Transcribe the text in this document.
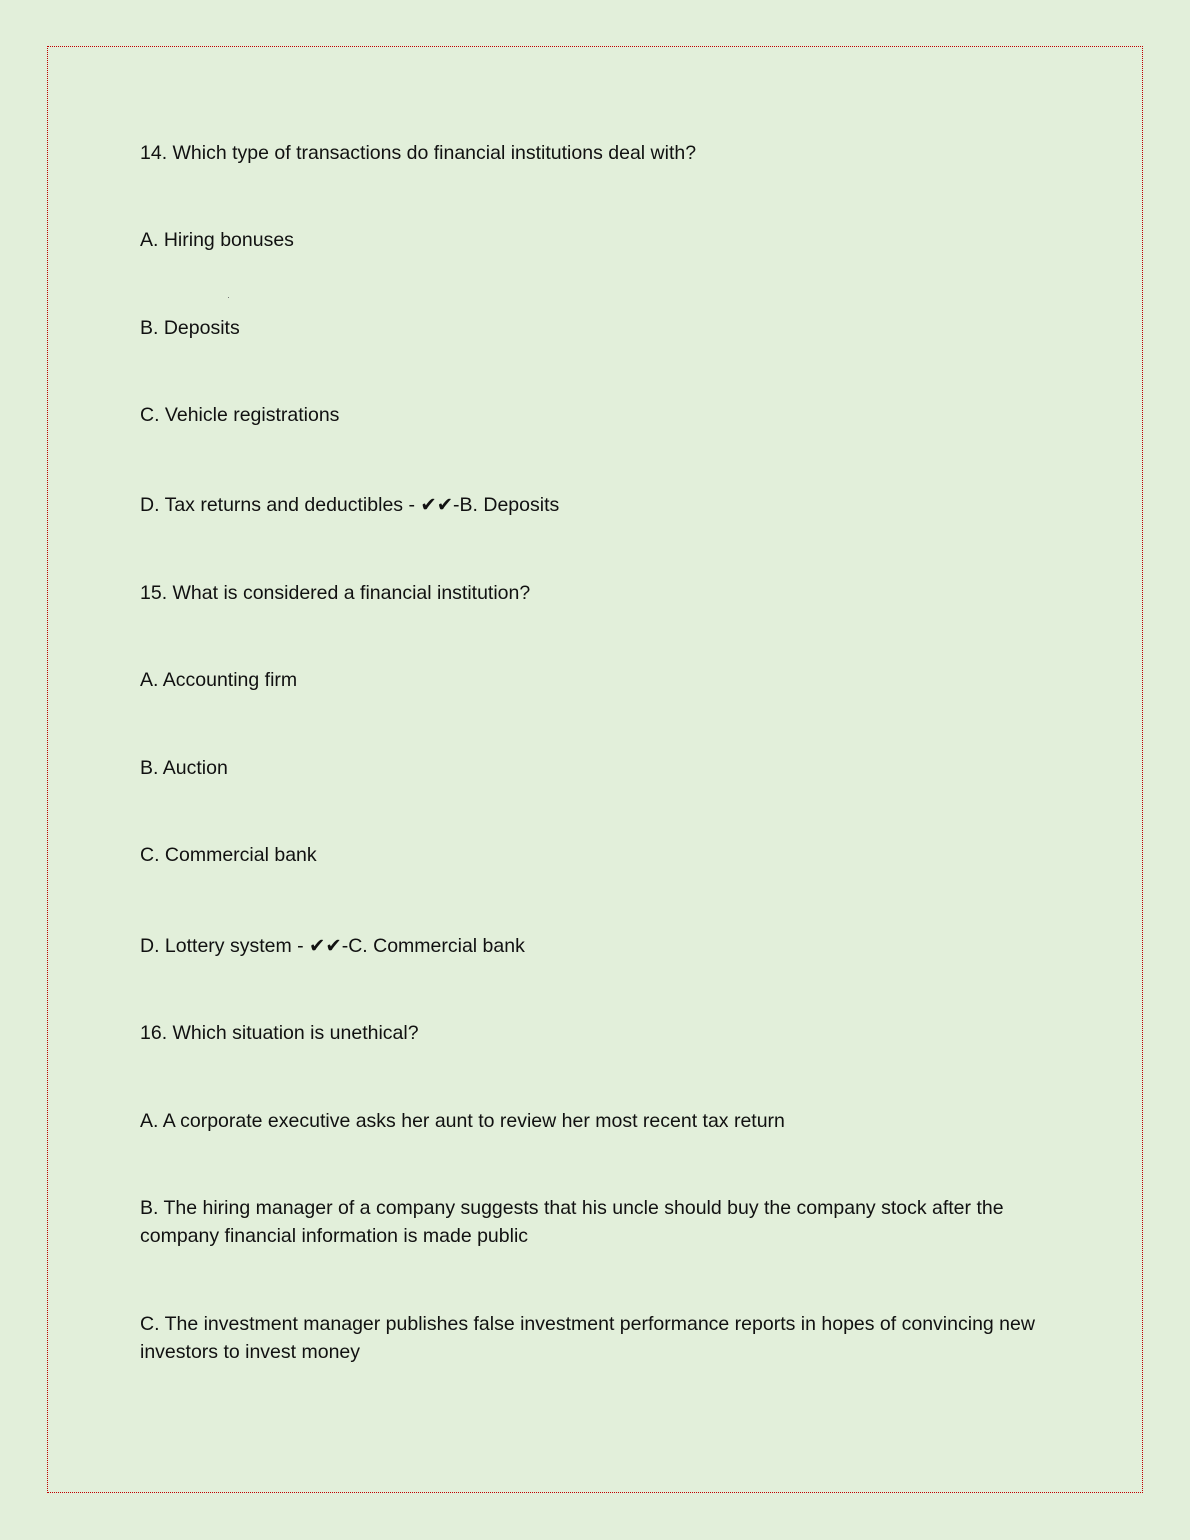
14. Which type of transactions do financial institutions deal with?
A. Hiring bonuses
B. Deposits
C. Vehicle registrations
D. Tax returns and deductibles - ✔✔-B. Deposits
15. What is considered a financial institution?
A. Accounting firm
B. Auction
C. Commercial bank
D. Lottery system - ✔✔-C. Commercial bank
16. Which situation is unethical?
A. A corporate executive asks her aunt to review her most recent tax return
B. The hiring manager of a company suggests that his uncle should buy the company stock after the company financial information is made public
C. The investment manager publishes false investment performance reports in hopes of convincing new investors to invest money
